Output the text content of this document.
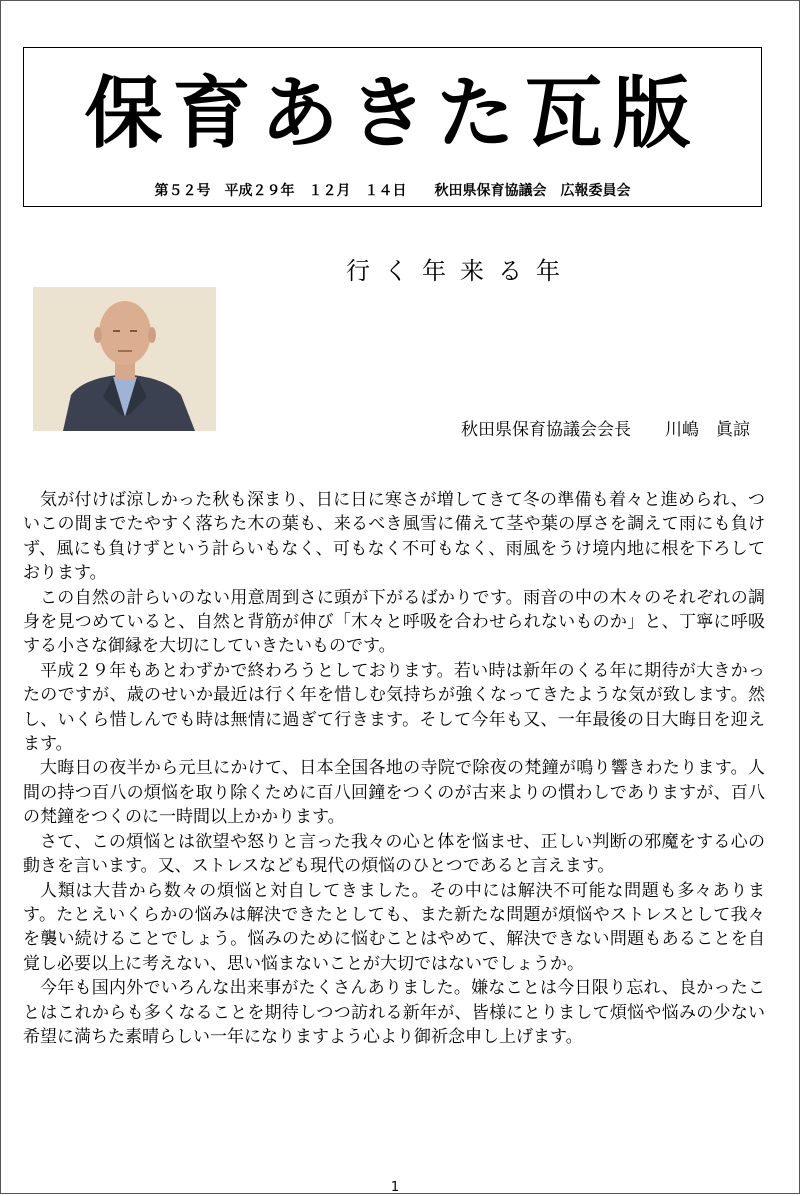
保育あきた瓦版
第５２号　平成２９年　１２月　１４日　　秋田県保育協議会　広報委員会
行く年来る年
秋田県保育協議会会長　　川嶋　眞諒

気が付けば涼しかった秋も深まり、日に日に寒さが増してきて冬の準備も着々と進められ、ついこの間までたやすく落ちた木の葉も、来るべき風雪に備えて茎や葉の厚さを調えて雨にも負けず、風にも負けずという計らいもなく、可もなく不可もなく、雨風をうけ境内地に根を下ろしております。

この自然の計らいのない用意周到さに頭が下がるばかりです。雨音の中の木々のそれぞれの調身を見つめていると、自然と背筋が伸び「木々と呼吸を合わせられないものか」と、丁寧に呼吸する小さな御縁を大切にしていきたいものです。

平成２９年もあとわずかで終わろうとしております。若い時は新年のくる年に期待が大きかったのですが、歳のせいか最近は行く年を惜しむ気持ちが強くなってきたような気が致します。然し、いくら惜しんでも時は無情に過ぎて行きます。そして今年も又、一年最後の日大晦日を迎えます。

大晦日の夜半から元旦にかけて、日本全国各地の寺院で除夜の梵鐘が鳴り響きわたります。人間の持つ百八の煩悩を取り除くために百八回鐘をつくのが古来よりの慣わしでありますが、百八の梵鐘をつくのに一時間以上かかります。

さて、この煩悩とは欲望や怒りと言った我々の心と体を悩ませ、正しい判断の邪魔をする心の動きを言います。又、ストレスなども現代の煩悩のひとつであると言えます。

人類は大昔から数々の煩悩と対自してきました。その中には解決不可能な問題も多々あります。たとえいくらかの悩みは解決できたとしても、また新たな問題が煩悩やストレスとして我々を襲い続けることでしょう。悩みのために悩むことはやめて、解決できない問題もあることを自覚し必要以上に考えない、思い悩まないことが大切ではないでしょうか。

今年も国内外でいろんな出来事がたくさんありました。嫌なことは今日限り忘れ、良かったことはこれからも多くなることを期待しつつ訪れる新年が、皆様にとりまして煩悩や悩みの少ない希望に満ちた素晴らしい一年になりますよう心より御祈念申し上げます。

1
